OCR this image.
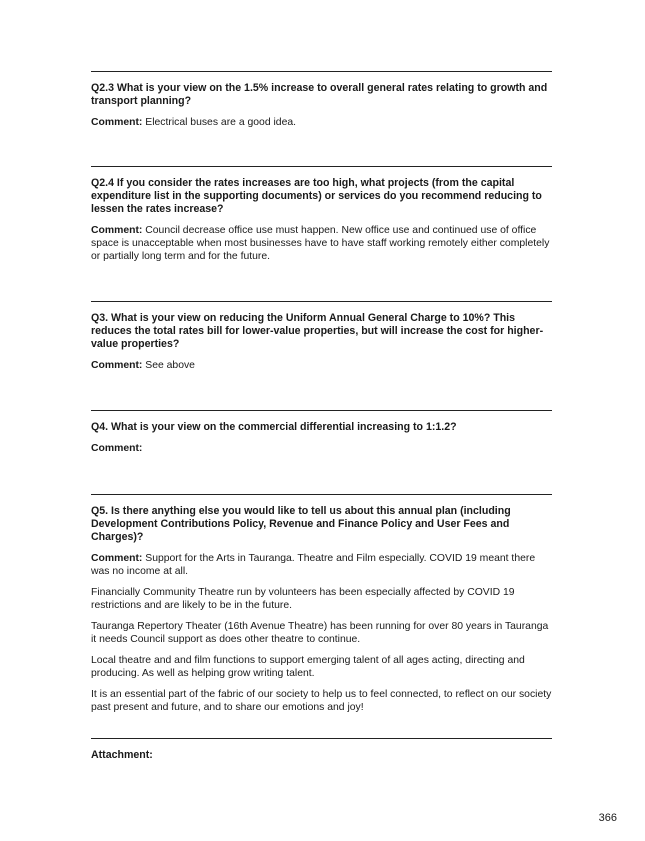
Q2.3 What is your view on the 1.5% increase to overall general rates relating to growth and transport planning?

Comment: Electrical buses are a good idea.

Q2.4 If you consider the rates increases are too high, what projects (from the capital expenditure list in the supporting documents) or services do you recommend reducing to lessen the rates increase?

Comment: Council decrease office use must happen. New office use and continued use of office space is unacceptable when most businesses have to have staff working remotely either completely or partially long term and for the future.

Q3. What is your view on reducing the Uniform Annual General Charge to 10%? This reduces the total rates bill for lower-value properties, but will increase the cost for higher-value properties?

Comment: See above

Q4. What is your view on the commercial differential increasing to 1:1.2?

Comment:

Q5. Is there anything else you would like to tell us about this annual plan (including Development Contributions Policy, Revenue and Finance Policy and User Fees and Charges)?

Comment: Support for the Arts in Tauranga. Theatre and Film especially. COVID 19 meant there was no income at all.

Financially Community Theatre run by volunteers has been especially affected by COVID 19 restrictions and are likely to be in the future.

Tauranga Repertory Theater (16th Avenue Theatre) has been running for over 80 years in Tauranga it needs Council support as does other theatre to continue.

Local theatre and and film functions to support emerging talent of all ages acting, directing and producing. As well as helping grow writing talent.

It is an essential part of the fabric of our society to help us to feel connected, to reflect on our society past present and future, and to share our emotions and joy!

Attachment:

366
